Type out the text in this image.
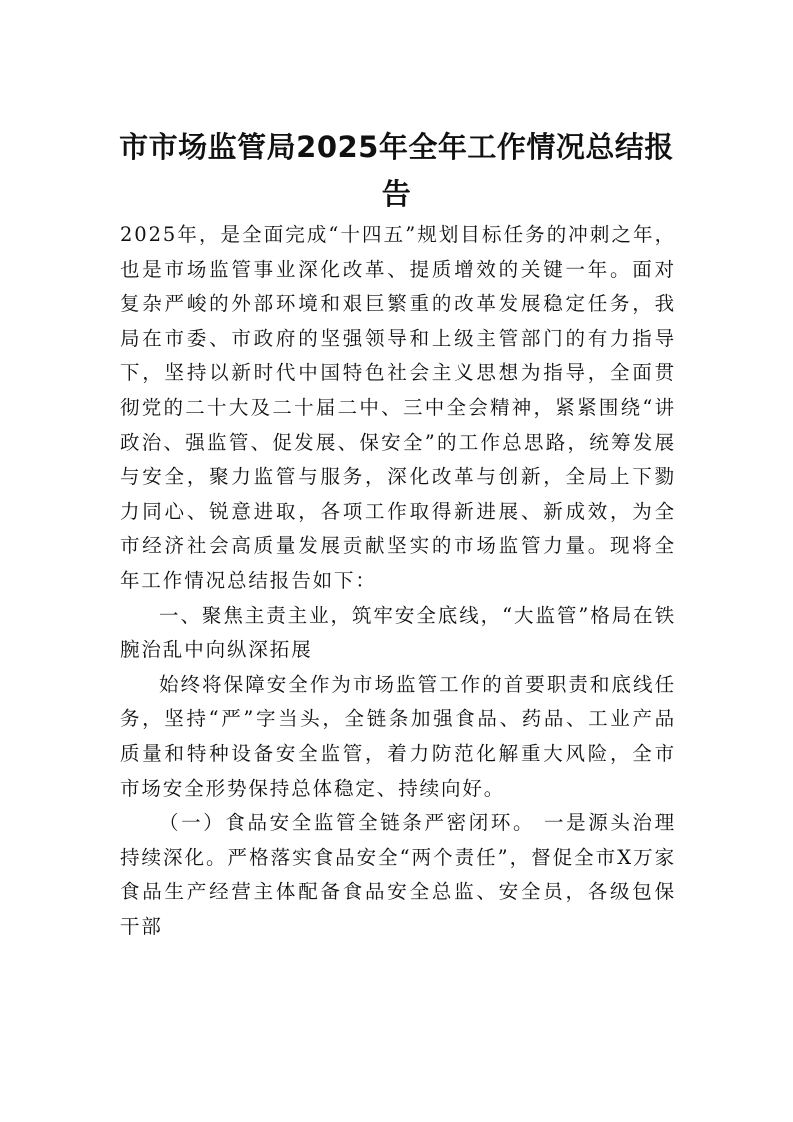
市市场监管局2025年全年工作情况总结报告

2025年，是全面完成“十四五”规划目标任务的冲刺之年，也是市场监管事业深化改革、提质增效的关键一年。面对复杂严峻的外部环境和艰巨繁重的改革发展稳定任务，我局在市委、市政府的坚强领导和上级主管部门的有力指导下，坚持以新时代中国特色社会主义思想为指导，全面贯彻党的二十大及二十届二中、三中全会精神，紧紧围绕“讲政治、强监管、促发展、保安全”的工作总思路，统筹发展与安全，聚力监管与服务，深化改革与创新，全局上下勠力同心、锐意进取，各项工作取得新进展、新成效，为全市经济社会高质量发展贡献坚实的市场监管力量。现将全年工作情况总结报告如下：

一、聚焦主责主业，筑牢安全底线，“大监管”格局在铁腕治乱中向纵深拓展

始终将保障安全作为市场监管工作的首要职责和底线任务，坚持“严”字当头，全链条加强食品、药品、工业产品质量和特种设备安全监管，着力防范化解重大风险，全市市场安全形势保持总体稳定、持续向好。

（一）食品安全监管全链条严密闭环。 一是源头治理持续深化。严格落实食品安全“两个责任”，督促全市X万家食品生产经营主体配备食品安全总监、安全员，各级包保干部
